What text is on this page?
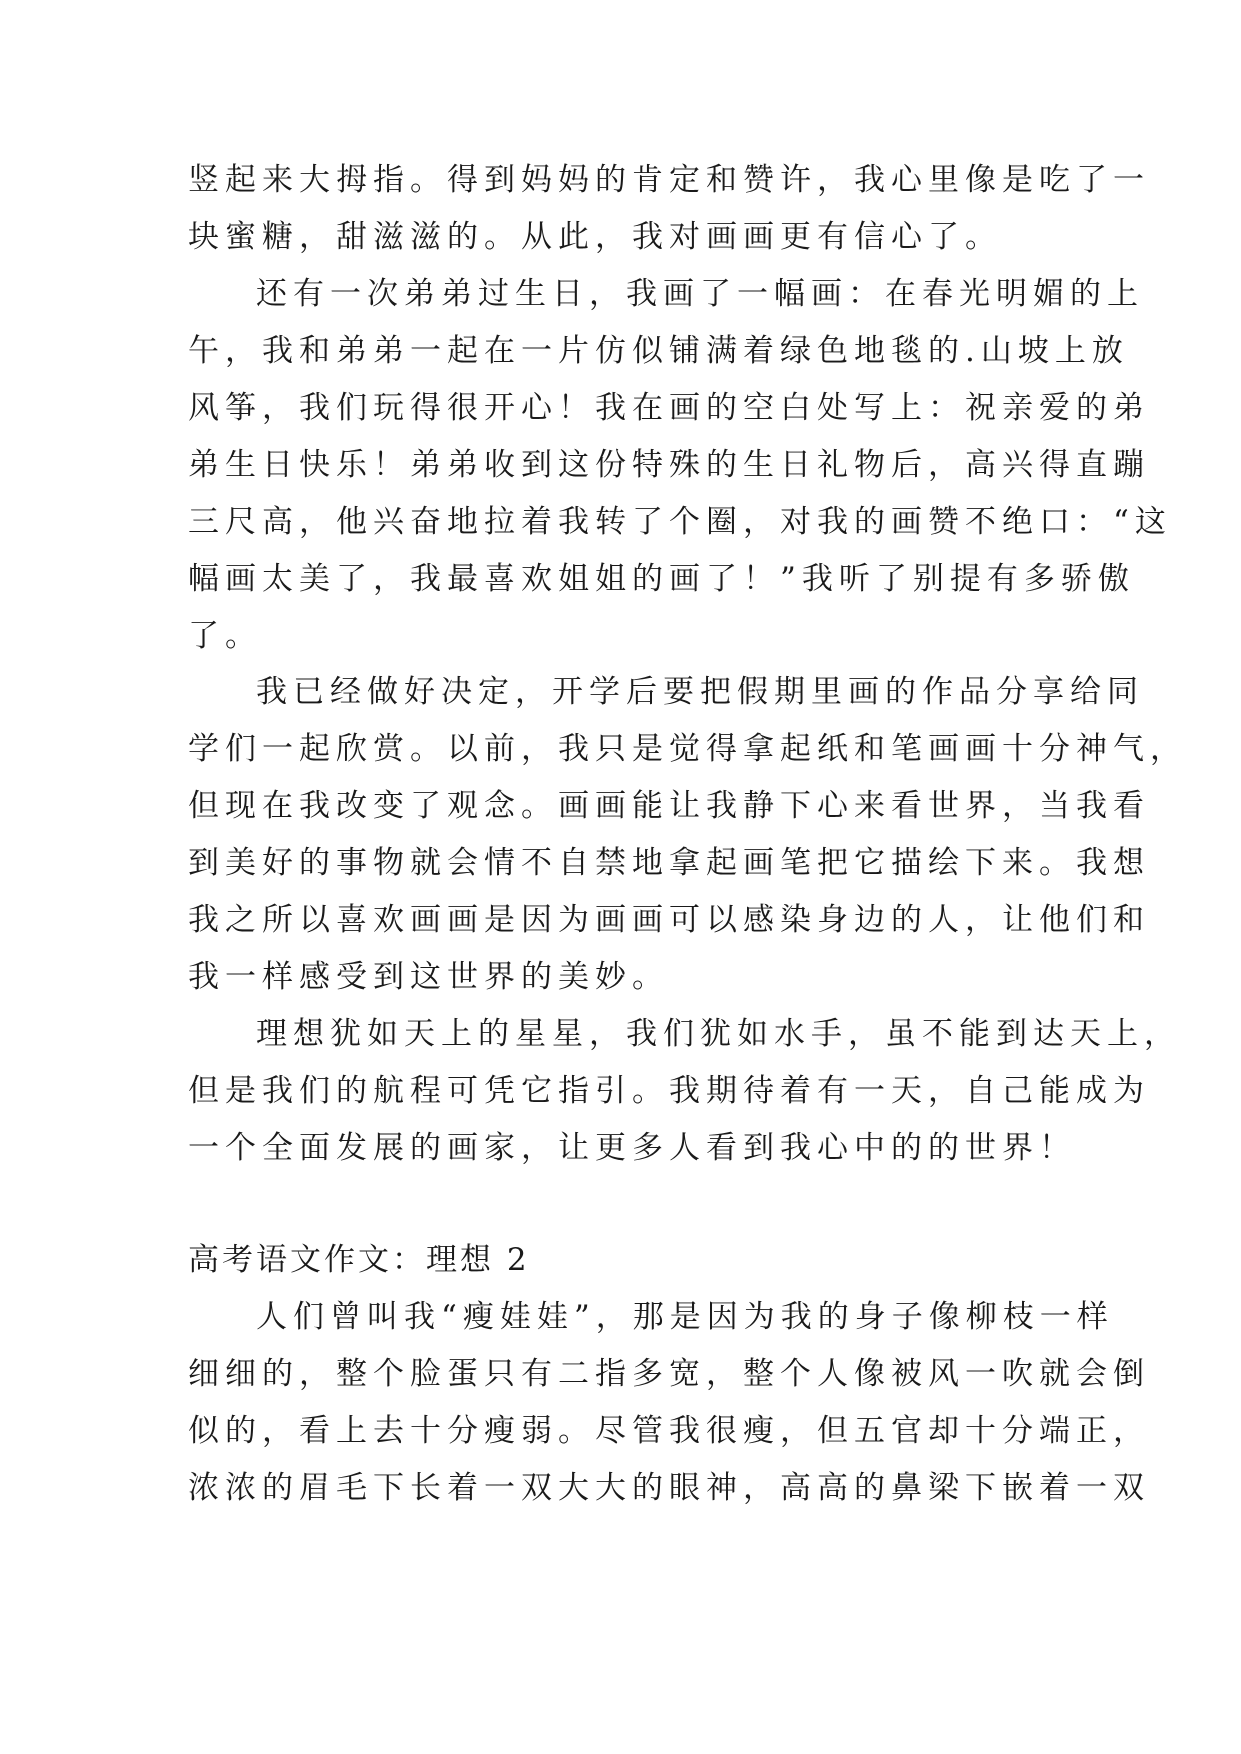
竖起来大拇指。得到妈妈的肯定和赞许，我心里像是吃了一
块蜜糖，甜滋滋的。从此，我对画画更有信心了。
还有一次弟弟过生日，我画了一幅画：在春光明媚的上
午，我和弟弟一起在一片仿似铺满着绿色地毯的.山坡上放
风筝，我们玩得很开心！我在画的空白处写上：祝亲爱的弟
弟生日快乐！弟弟收到这份特殊的生日礼物后，高兴得直蹦
三尺高，他兴奋地拉着我转了个圈，对我的画赞不绝口：“这
幅画太美了，我最喜欢姐姐的画了！”我听了别提有多骄傲
了。
我已经做好决定，开学后要把假期里画的作品分享给同
学们一起欣赏。以前，我只是觉得拿起纸和笔画画十分神气，
但现在我改变了观念。画画能让我静下心来看世界，当我看
到美好的事物就会情不自禁地拿起画笔把它描绘下来。我想
我之所以喜欢画画是因为画画可以感染身边的人，让他们和
我一样感受到这世界的美妙。
理想犹如天上的星星，我们犹如水手，虽不能到达天上，
但是我们的航程可凭它指引。我期待着有一天，自己能成为
一个全面发展的画家，让更多人看到我心中的的世界！
高考语文作文：理想 2
人们曾叫我“瘦娃娃”，那是因为我的身子像柳枝一样
细细的，整个脸蛋只有二指多宽，整个人像被风一吹就会倒
似的，看上去十分瘦弱。尽管我很瘦，但五官却十分端正，
浓浓的眉毛下长着一双大大的眼神，高高的鼻梁下嵌着一双
